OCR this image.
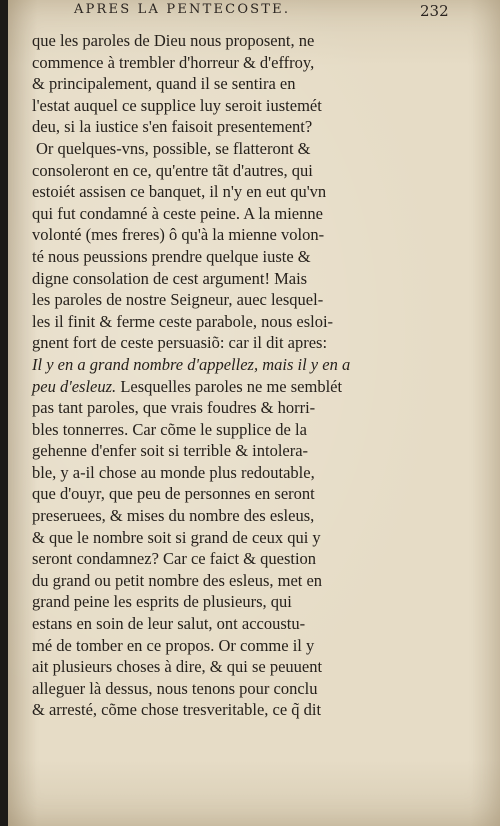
APRES LA PENTECOSTE.	232
que les paroles de Dieu nous proposent, ne
commence à trembler d'horreur & d'effroy,
& principalement, quand il se sentira en
l'estat auquel ce supplice luy seroit iustemét
deu, si la iustice s'en faisoit presentement?
Or quelques-vns, possible, se flatteront &
consoleront en ce, qu'entre tãt d'autres, qui
estoiét assisen ce banquet, il n'y en eut qu'vn
qui fut condamné à ceste peine. A la mienne
volonté (mes freres) ô qu'à la mienne volon-
té nous peussions prendre quelque iuste &
digne consolation de cest argument! Mais
les paroles de nostre Seigneur, auec lesquel-
les il finit & ferme ceste parabole, nous esloi-
gnent fort de ceste persuasiõ: car il dit apres:
Il y en a grand nombre d'appellez, mais il y en a
peu d'esleuz. Lesquelles paroles ne me semblét
pas tant paroles, que vrais foudres & horri-
bles tonnerres. Car cõme le supplice de la
gehenne d'enfer soit si terrible & intolera-
ble, y a-il chose au monde plus redoutable,
que d'ouyr, que peu de personnes en seront
preseruees, & mises du nombre des esleus,
& que le nombre soit si grand de ceux qui y
seront condamnez? Car ce faict & question
du grand ou petit nombre des esleus, met en
grand peine les esprits de plusieurs, qui
estans en soin de leur salut, ont accoustu-
mé de tomber en ce propos. Or comme il y
ait plusieurs choses à dire, & qui se peuuent
alleguer là dessus, nous tenons pour conclu
& arresté, cõme chose tresveritable, ce q̃ dit
